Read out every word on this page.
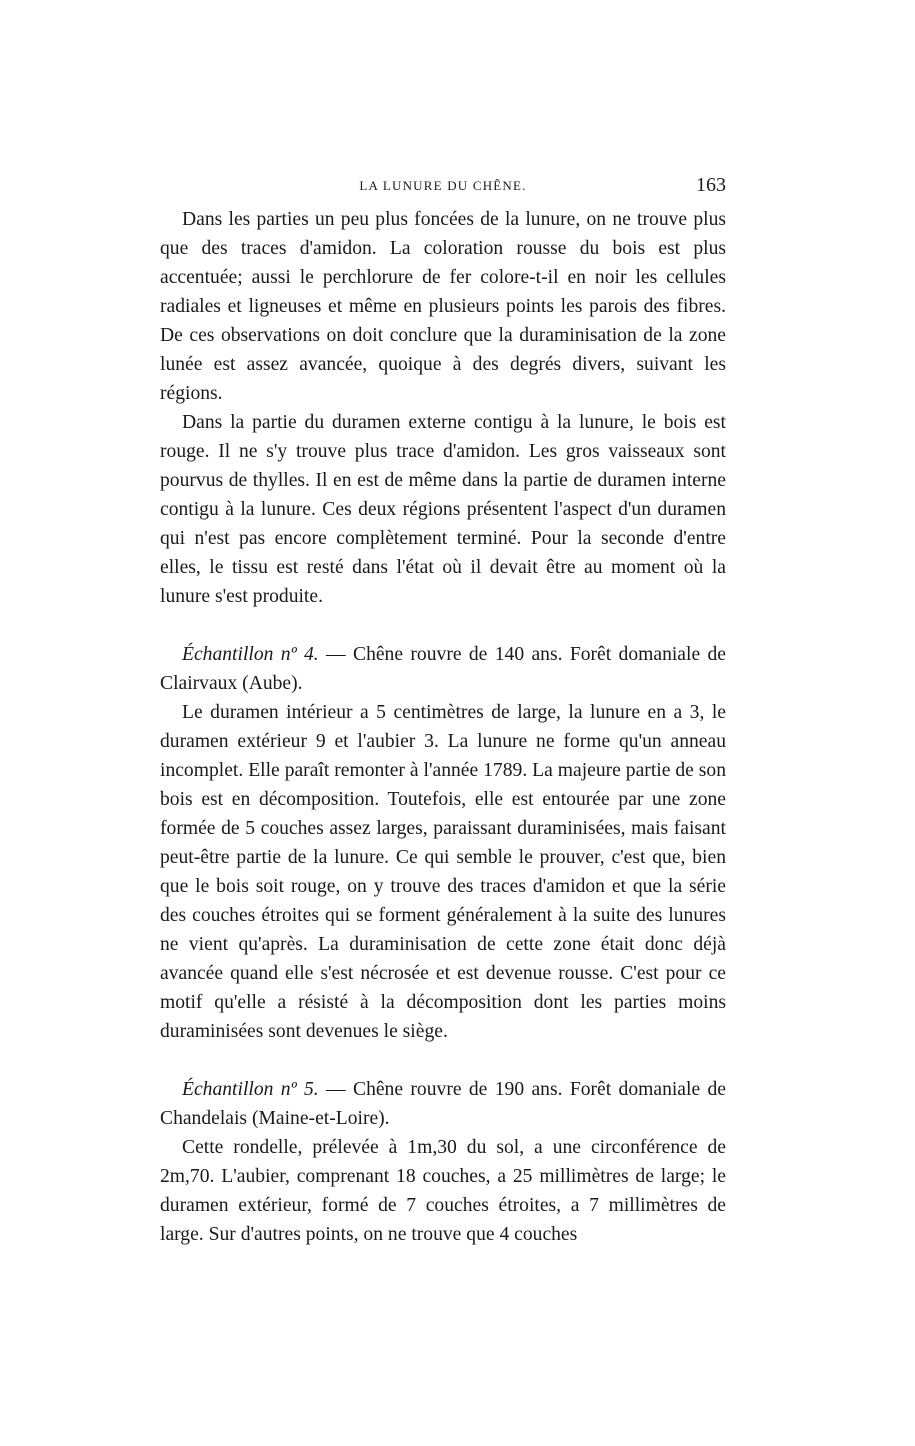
LA LUNURE DU CHÊNE.	163

Dans les parties un peu plus foncées de la lunure, on ne trouve plus que des traces d'amidon. La coloration rousse du bois est plus accentuée; aussi le perchlorure de fer colore-t-il en noir les cellules radiales et ligneuses et même en plusieurs points les parois des fibres. De ces observations on doit conclure que la duraminisation de la zone lunée est assez avancée, quoique à des degrés divers, suivant les régions.

Dans la partie du duramen externe contigu à la lunure, le bois est rouge. Il ne s'y trouve plus trace d'amidon. Les gros vaisseaux sont pourvus de thylles. Il en est de même dans la partie de duramen interne contigu à la lunure. Ces deux régions présentent l'aspect d'un duramen qui n'est pas encore complètement terminé. Pour la seconde d'entre elles, le tissu est resté dans l'état où il devait être au moment où la lunure s'est produite.

Échantillon nº 4. — Chêne rouvre de 140 ans. Forêt domaniale de Clairvaux (Aube).

Le duramen intérieur a 5 centimètres de large, la lunure en a 3, le duramen extérieur 9 et l'aubier 3. La lunure ne forme qu'un anneau incomplet. Elle paraît remonter à l'année 1789. La majeure partie de son bois est en décomposition. Toutefois, elle est entourée par une zone formée de 5 couches assez larges, paraissant duraminisées, mais faisant peut-être partie de la lunure. Ce qui semble le prouver, c'est que, bien que le bois soit rouge, on y trouve des traces d'amidon et que la série des couches étroites qui se forment généralement à la suite des lunures ne vient qu'après. La duraminisation de cette zone était donc déjà avancée quand elle s'est nécrosée et est devenue rousse. C'est pour ce motif qu'elle a résisté à la décomposition dont les parties moins duraminisées sont devenues le siège.

Échantillon nº 5. — Chêne rouvre de 190 ans. Forêt domaniale de Chandelais (Maine-et-Loire).

Cette rondelle, prélevée à 1m,30 du sol, a une circonférence de 2m,70. L'aubier, comprenant 18 couches, a 25 millimètres de large; le duramen extérieur, formé de 7 couches étroites, a 7 millimètres de large. Sur d'autres points, on ne trouve que 4 couches
